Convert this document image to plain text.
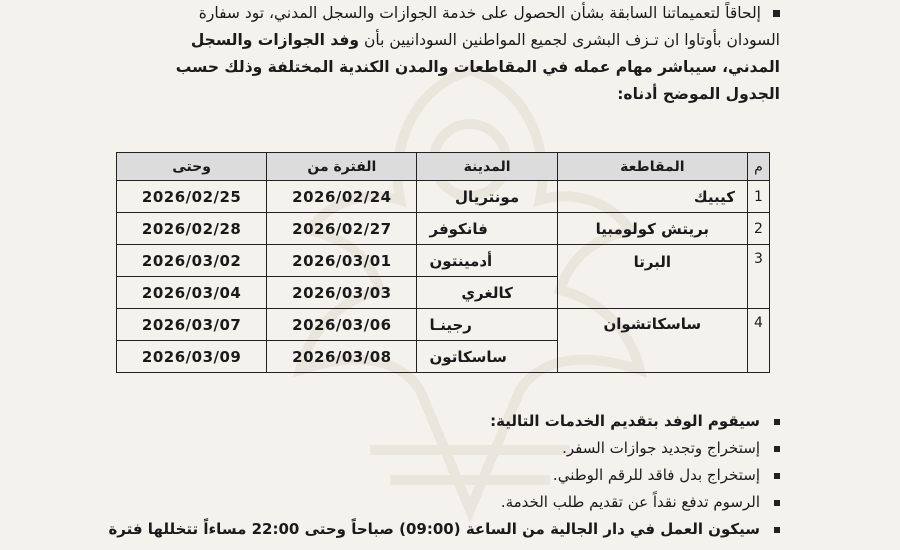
إلحاقاً لتعميماتنا السابقة بشأن الحصول على خدمة الجوازات والسجل المدني، تود سفارة
السودان بأوتاوا ان تـزف البشرى لجميع المواطنين السودانيين بأن وفد الجوازات والسجل
المدني، سيباشر مهام عمله في المقاطعات والمدن الكندية المختلفة وذلك حسب
الجدول الموضح أدناه:
م	المقاطعة	المدينة	الفترة من	وحتى
1	كيبيك	مونتريال	2026/02/24	2026/02/25
2	بريتش كولومبيا	فانكوفر	2026/02/27	2026/02/28
3	البرتا	أدمينتون	2026/03/01	2026/03/02
		كالغري	2026/03/03	2026/03/04
4	ساسكاتشوان	رجينـا	2026/03/06	2026/03/07
		ساسكاتون	2026/03/08	2026/03/09
سيقوم الوفد بتقديم الخدمات التالية:
إستخراج وتجديد جوازات السفر.
إستخراج بدل فاقد للرقم الوطني.
الرسوم تدفع نقداً عن تقديم طلب الخدمة.
سيكون العمل في دار الجالية من الساعة (09:00) صباحاً وحتى 22:00 مساءاً تتخللها فترة
